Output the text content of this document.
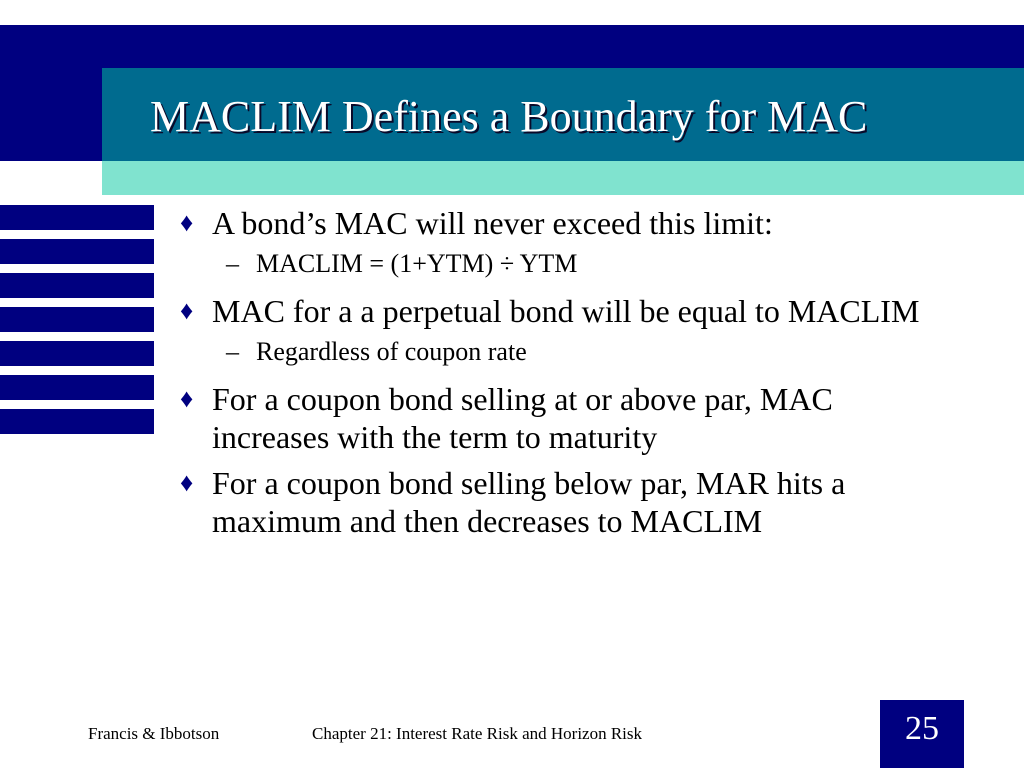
MACLIM Defines a Boundary for MAC
♦ A bond’s MAC will never exceed this limit:
– MACLIM = (1+YTM) ÷ YTM
♦ MAC for a a perpetual bond will be equal to MACLIM
– Regardless of coupon rate
♦ For a coupon bond selling at or above par, MAC increases with the term to maturity
♦ For a coupon bond selling below par, MAR hits a maximum and then decreases to MACLIM
Francis & Ibbotson	Chapter 21: Interest Rate Risk and Horizon Risk	25
